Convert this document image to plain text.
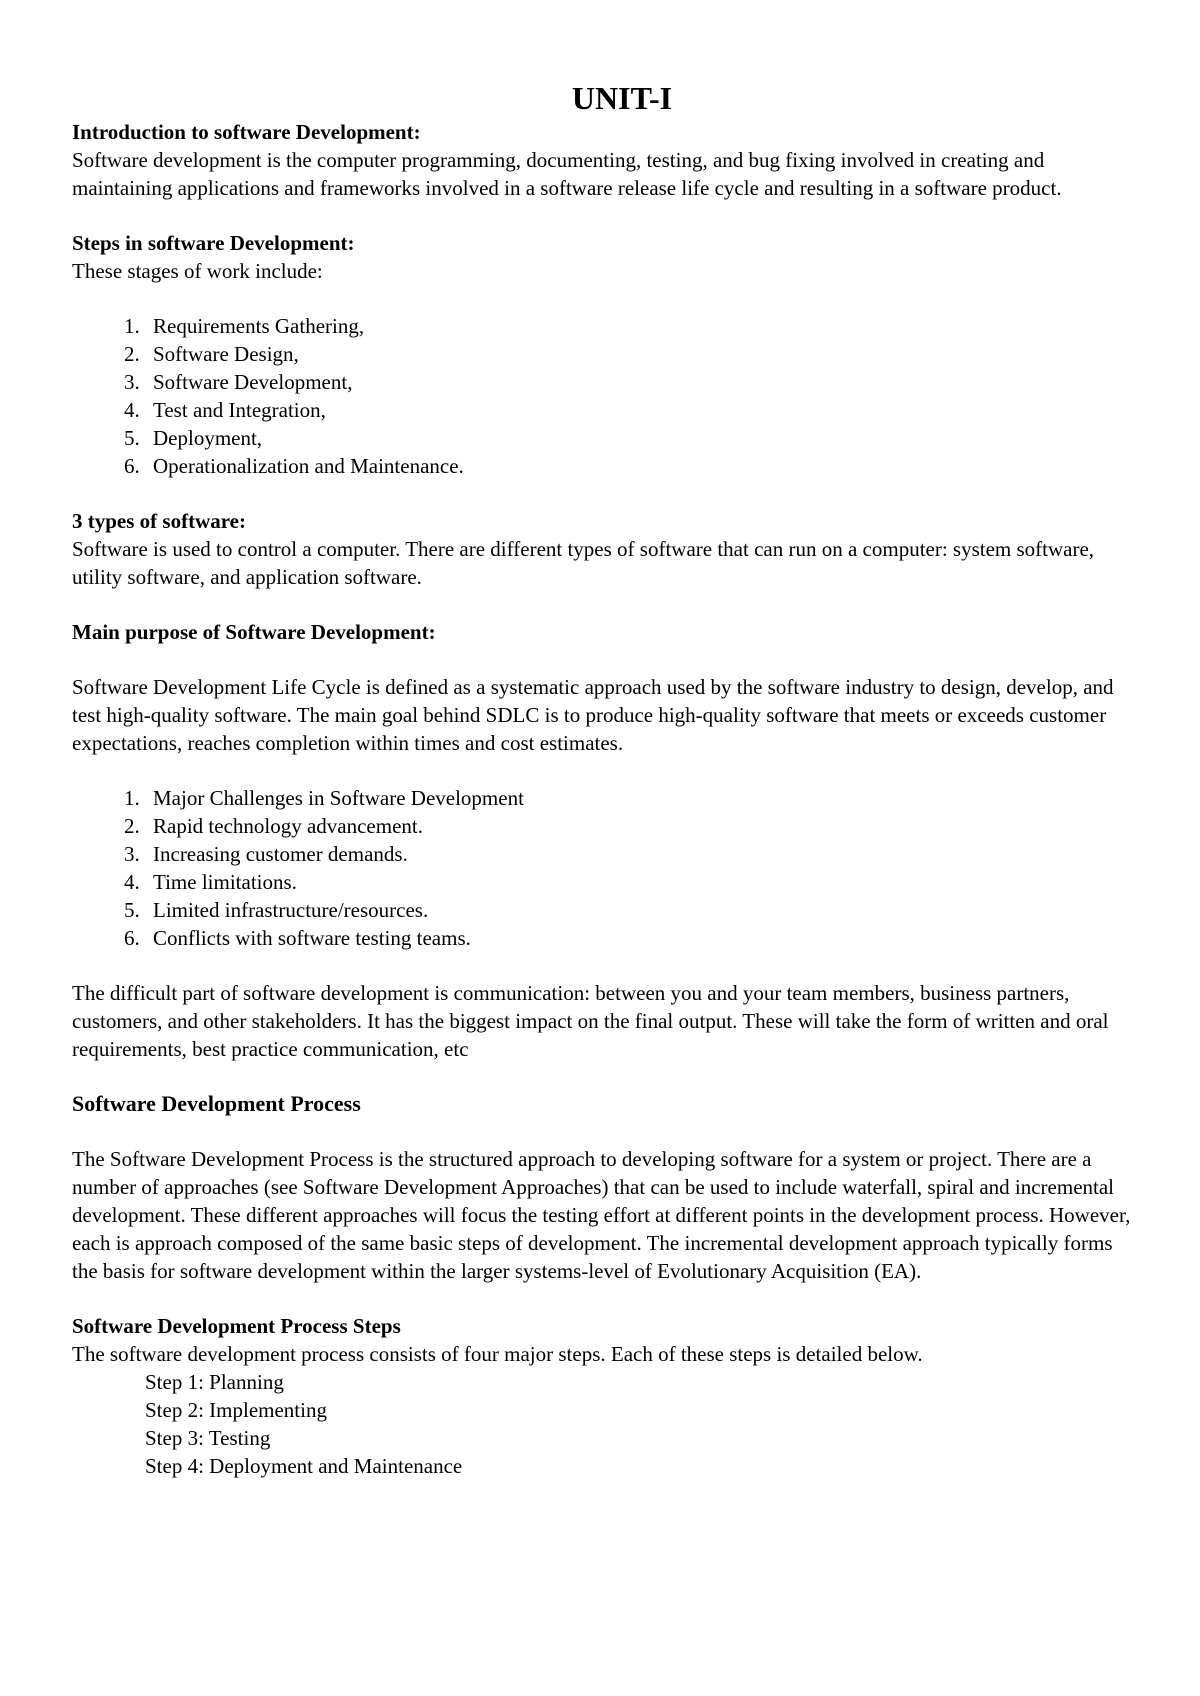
UNIT-I

Introduction to software Development:

Software development is the computer programming, documenting, testing, and bug fixing involved in creating and maintaining applications and frameworks involved in a software release life cycle and resulting in a software product.

Steps in software Development:

These stages of work include:

1. Requirements Gathering,
2. Software Design,
3. Software Development,
4. Test and Integration,
5. Deployment,
6. Operationalization and Maintenance.

3 types of software:

Software is used to control a computer. There are different types of software that can run on a computer: system software, utility software, and application software.

Main purpose of Software Development:

Software Development Life Cycle is defined as a systematic approach used by the software industry to design, develop, and test high-quality software. The main goal behind SDLC is to produce high-quality software that meets or exceeds customer expectations, reaches completion within times and cost estimates.

1. Major Challenges in Software Development
2. Rapid technology advancement.
3. Increasing customer demands.
4. Time limitations.
5. Limited infrastructure/resources.
6. Conflicts with software testing teams.

The difficult part of software development is communication: between you and your team members, business partners, customers, and other stakeholders. It has the biggest impact on the final output. These will take the form of written and oral requirements, best practice communication, etc

Software Development Process

The Software Development Process is the structured approach to developing software for a system or project. There are a number of approaches (see Software Development Approaches) that can be used to include waterfall, spiral and incremental development. These different approaches will focus the testing effort at different points in the development process. However, each is approach composed of the same basic steps of development. The incremental development approach typically forms the basis for software development within the larger systems-level of Evolutionary Acquisition (EA).

Software Development Process Steps

The software development process consists of four major steps. Each of these steps is detailed below.

Step 1: Planning
Step 2: Implementing
Step 3: Testing
Step 4: Deployment and Maintenance
